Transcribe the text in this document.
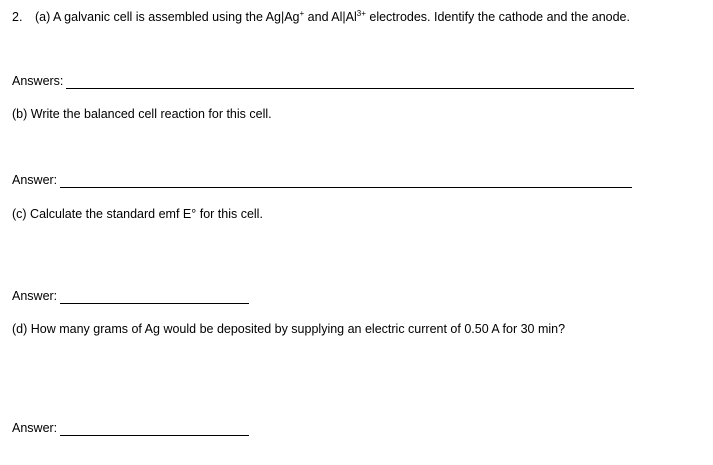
2. (a) A galvanic cell is assembled using the Ag|Ag+ and $Al|Al^{3+}$ electrodes. Identify the cathode and the anode.
Answers:
(b) Write the balanced cell reaction for this cell.
Answer:
(c) Calculate the standard emf E° for this cell.
Answer:
(d) How many grams of Ag would be deposited by supplying an electric current of 0.50 A for 30 min?
Answer:
